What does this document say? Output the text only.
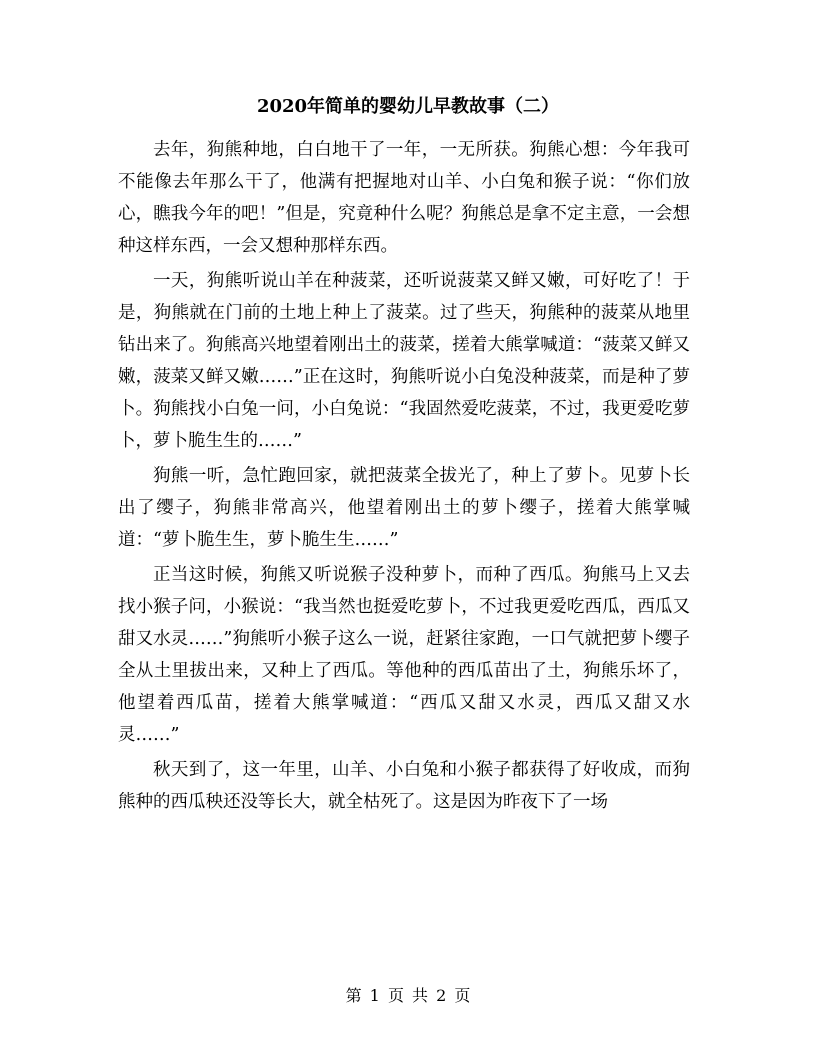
2020年简单的婴幼儿早教故事（二）

去年，狗熊种地，白白地干了一年，一无所获。狗熊心想：今年我可不能像去年那么干了，他满有把握地对山羊、小白兔和猴子说：“你们放心，瞧我今年的吧！”但是，究竟种什么呢？狗熊总是拿不定主意，一会想种这样东西，一会又想种那样东西。

一天，狗熊听说山羊在种菠菜，还听说菠菜又鲜又嫩，可好吃了！于是，狗熊就在门前的土地上种上了菠菜。过了些天，狗熊种的菠菜从地里钻出来了。狗熊高兴地望着刚出土的菠菜，搓着大熊掌喊道：“菠菜又鲜又嫩，菠菜又鲜又嫩……”正在这时，狗熊听说小白兔没种菠菜，而是种了萝卜。狗熊找小白兔一问，小白兔说：“我固然爱吃菠菜，不过，我更爱吃萝卜，萝卜脆生生的……”

狗熊一听，急忙跑回家，就把菠菜全拔光了，种上了萝卜。见萝卜长出了缨子，狗熊非常高兴，他望着刚出土的萝卜缨子，搓着大熊掌喊道：“萝卜脆生生，萝卜脆生生……”

正当这时候，狗熊又听说猴子没种萝卜，而种了西瓜。狗熊马上又去找小猴子问，小猴说：“我当然也挺爱吃萝卜，不过我更爱吃西瓜，西瓜又甜又水灵……”狗熊听小猴子这么一说，赶紧往家跑，一口气就把萝卜缨子全从土里拔出来，又种上了西瓜。等他种的西瓜苗出了土，狗熊乐坏了，他望着西瓜苗，搓着大熊掌喊道：“西瓜又甜又水灵，西瓜又甜又水灵……”

秋天到了，这一年里，山羊、小白兔和小猴子都获得了好收成，而狗熊种的西瓜秧还没等长大，就全枯死了。这是因为昨夜下了一场

第 1 页 共 2 页
